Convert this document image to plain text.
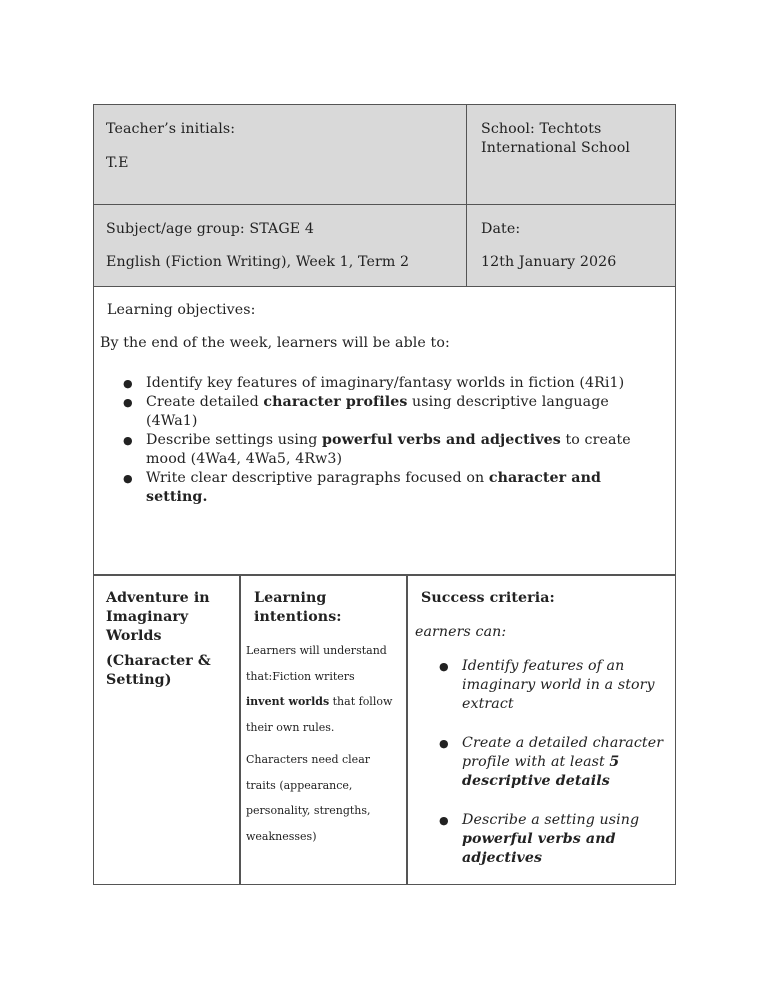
Teacher’s initials:

T.E

School: Techtots

International School

Subject/age group: STAGE 4

English (Fiction Writing), Week 1, Term 2

Date:

12th January 2026

Learning objectives:

By the end of the week, learners will be able to:

● Identify key features of imaginary/fantasy worlds in fiction (4Ri1)
● Create detailed character profiles using descriptive language
(4Wa1)
● Describe settings using powerful verbs and adjectives to create
mood (4Wa4, 4Wa5, 4Rw3)
● Write clear descriptive paragraphs focused on character and
setting.
Adventure in
Imaginary
Worlds
(Character &
Setting)
Learning
intentions:
Learners will understand
that:Fiction writers
invent worlds that follow
their own rules.
Characters need clear
traits (appearance,
personality, strengths,
weaknesses)

Success criteria:

earners can:

● Identify features of an
imaginary world in a story
extract
● Create a detailed character
profile with at least 5
descriptive details
● Describe a setting using
powerful verbs and
adjectives
